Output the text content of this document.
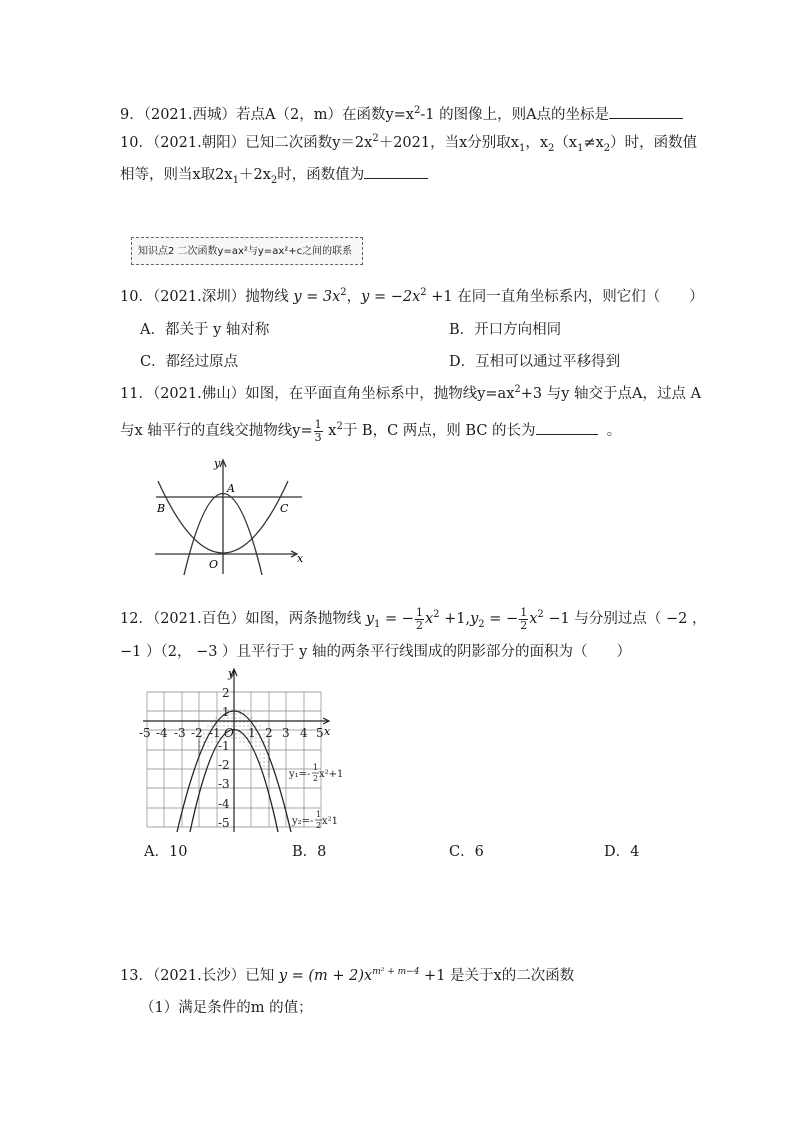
9．（2021.西城）若点A（2，m）在函数$y=x^2-1$ 的图像上，则A点的坐标是
10．（2021.朝阳）已知二次函数$y=2x^2+2021$，当x分别取$x_1$，$x_2(x_1\ne x_2)$时，函数值
相等，则当x取$2x_1+2x_2$时，函数值为
知识点2 二次函数y=ax²与y=ax²+c之间的联系
10．（2021.深圳）抛物线 $y = 3x^2$，$y = -2x^2 +1$ 在同一直角坐标系内，则它们（　　）
A．都关于 y 轴对称	B．开口方向相同
C．都经过原点	D．互相可以通过平移得到
11．（2021.佛山）如图，在平面直角坐标系中，抛物线$y=ax^2+3$ 与y 轴交于点A，过点 A
与x 轴平行的直线交抛物线$y= \frac{1}{3} x^2$于 B，C 两点，则 BC 的长为	。
y
x
A
B	C
O
12．（2021.百色）如图，两条抛物线 $y_1$ = − $\frac{1}{2} x^2 +1,y_2$ = − $\frac{1}{2} x^2 -1$ 与分别过点（ −2 ，
−1 ）（2， −3 ）且平行于 y 轴的两条平行线围成的阴影部分的面积为（　　）
y
x
-5 -4 -3 -2 -1 O 1 2 3 4 5
2
1
-1
-2
-3
-4
-5
y₁=-
1
2 x²+1
y₂=-
1
2 x²1
A．10	B．8	C．6	D．4
13．（2021.长沙）已知 $y = (m + 2)x^{m^2 + m-4} +1$ 是关于x的二次函数
（1）满足条件的m 的值；
